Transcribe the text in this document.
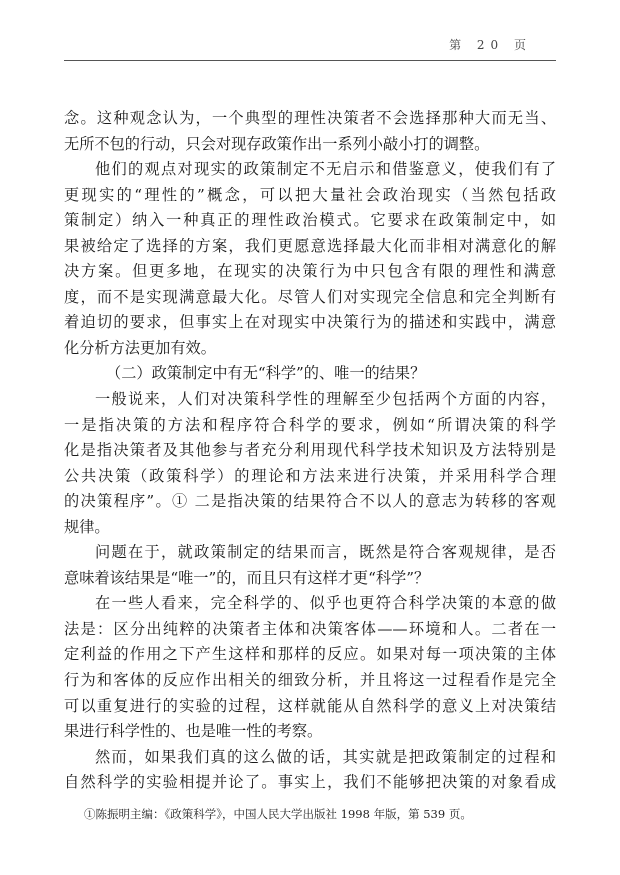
第 20 页
念。这种观念认为，一个典型的理性决策者不会选择那种大而无当、
无所不包的行动，只会对现存政策作出一系列小敲小打的调整。
他们的观点对现实的政策制定不无启示和借鉴意义，使我们有了
更现实的“理性的”概念，可以把大量社会政治现实（当然包括政
策制定）纳入一种真正的理性政治模式。它要求在政策制定中，如
果被给定了选择的方案，我们更愿意选择最大化而非相对满意化的解
决方案。但更多地，在现实的决策行为中只包含有限的理性和满意
度，而不是实现满意最大化。尽管人们对实现完全信息和完全判断有
着迫切的要求，但事实上在对现实中决策行为的描述和实践中，满意
化分析方法更加有效。
（二）政策制定中有无“科学”的、唯一的结果？
一般说来，人们对决策科学性的理解至少包括两个方面的内容，
一是指决策的方法和程序符合科学的要求，例如“所谓决策的科学
化是指决策者及其他参与者充分利用现代科学技术知识及方法特别是
公共决策（政策科学）的理论和方法来进行决策，并采用科学合理
的决策程序”。① 二是指决策的结果符合不以人的意志为转移的客观
规律。
问题在于，就政策制定的结果而言，既然是符合客观规律，是否
意味着该结果是“唯一”的，而且只有这样才更“科学”？
在一些人看来，完全科学的、似乎也更符合科学决策的本意的做
法是：区分出纯粹的决策者主体和决策客体——环境和人。二者在一
定利益的作用之下产生这样和那样的反应。如果对每一项决策的主体
行为和客体的反应作出相关的细致分析，并且将这一过程看作是完全
可以重复进行的实验的过程，这样就能从自然科学的意义上对决策结
果进行科学性的、也是唯一性的考察。
然而，如果我们真的这么做的话，其实就是把政策制定的过程和
自然科学的实验相提并论了。事实上，我们不能够把决策的对象看成
①陈振明主编：《政策科学》，中国人民大学出版社 1998 年版，第 539 页。
